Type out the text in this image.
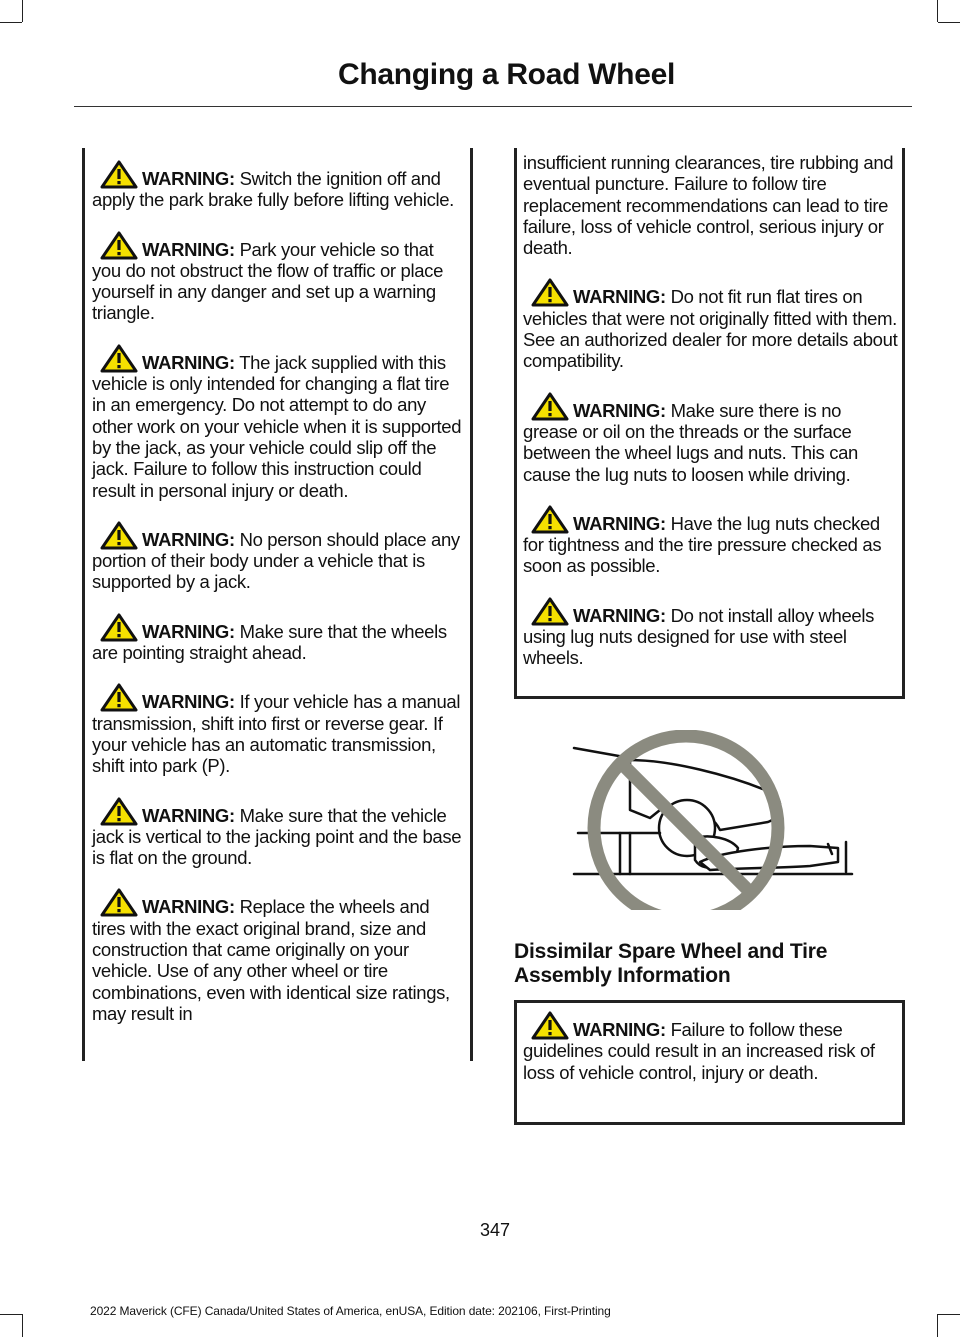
Changing a Road Wheel
WARNING: Switch the ignition off and apply the park brake fully before lifting vehicle.
WARNING: Park your vehicle so that you do not obstruct the flow of traffic or place yourself in any danger and set up a warning triangle.
WARNING: The jack supplied with this vehicle is only intended for changing a flat tire in an emergency. Do not attempt to do any other work on your vehicle when it is supported by the jack, as your vehicle could slip off the jack. Failure to follow this instruction could result in personal injury or death.
WARNING: No person should place any portion of their body under a vehicle that is supported by a jack.
WARNING: Make sure that the wheels are pointing straight ahead.
WARNING: If your vehicle has a manual transmission, shift into first or reverse gear. If your vehicle has an automatic transmission, shift into park (P).
WARNING: Make sure that the vehicle jack is vertical to the jacking point and the base is flat on the ground.
WARNING: Replace the wheels and tires with the exact original brand, size and construction that came originally on your vehicle. Use of any other wheel or tire combinations, even with identical size ratings, may result in
insufficient running clearances, tire rubbing and eventual puncture. Failure to follow tire replacement recommendations can lead to tire failure, loss of vehicle control, serious injury or death.
WARNING: Do not fit run flat tires on vehicles that were not originally fitted with them. See an authorized dealer for more details about compatibility.
WARNING: Make sure there is no grease or oil on the threads or the surface between the wheel lugs and nuts. This can cause the lug nuts to loosen while driving.
WARNING: Have the lug nuts checked for tightness and the tire pressure checked as soon as possible.
WARNING: Do not install alloy wheels using lug nuts designed for use with steel wheels.
Dissimilar Spare Wheel and Tire Assembly Information
WARNING: Failure to follow these guidelines could result in an increased risk of loss of vehicle control, injury or death.
347
2022 Maverick (CFE) Canada/United States of America, enUSA, Edition date: 202106, First-Printing
